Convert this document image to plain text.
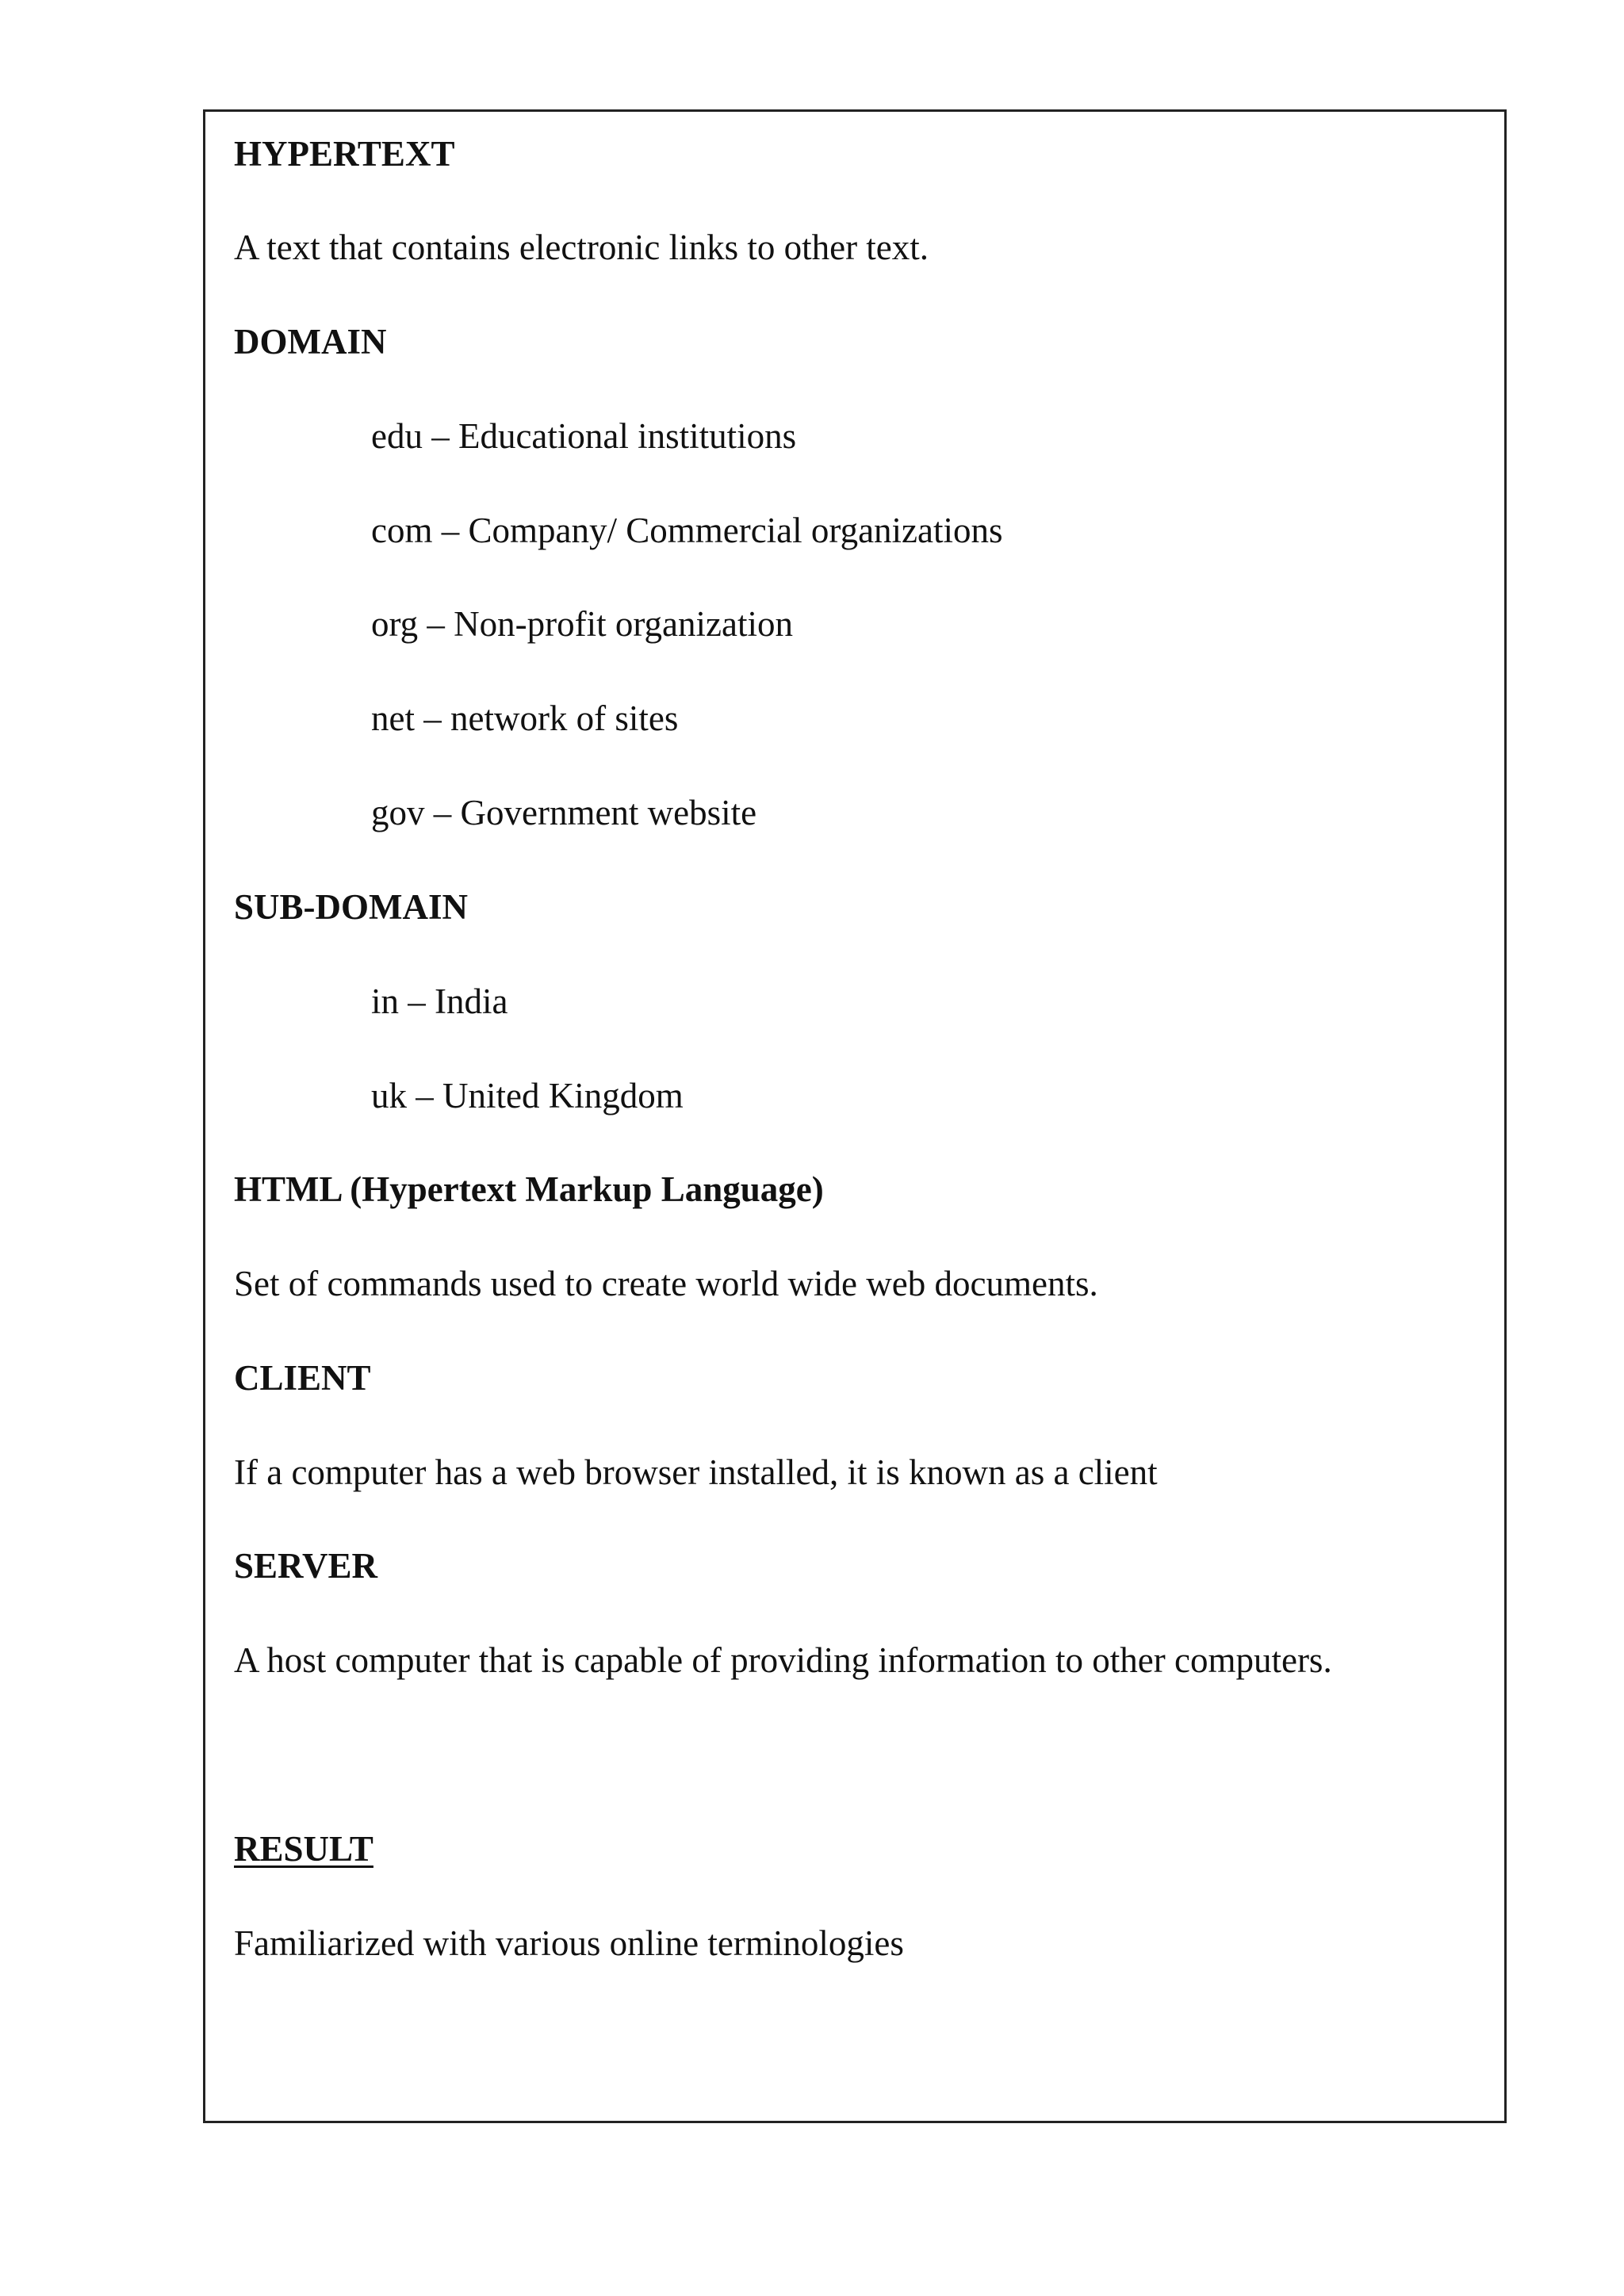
HYPERTEXT
A text that contains electronic links to other text.
DOMAIN
edu – Educational institutions
com – Company/ Commercial organizations
org – Non-profit organization
net – network of sites
gov – Government website
SUB-DOMAIN
in – India
uk – United Kingdom
HTML (Hypertext Markup Language)
Set of commands used to create world wide web documents.
CLIENT
If a computer has a web browser installed, it is known as a client
SERVER
A host computer that is capable of providing information to other computers.
RESULT
Familiarized with various online terminologies
